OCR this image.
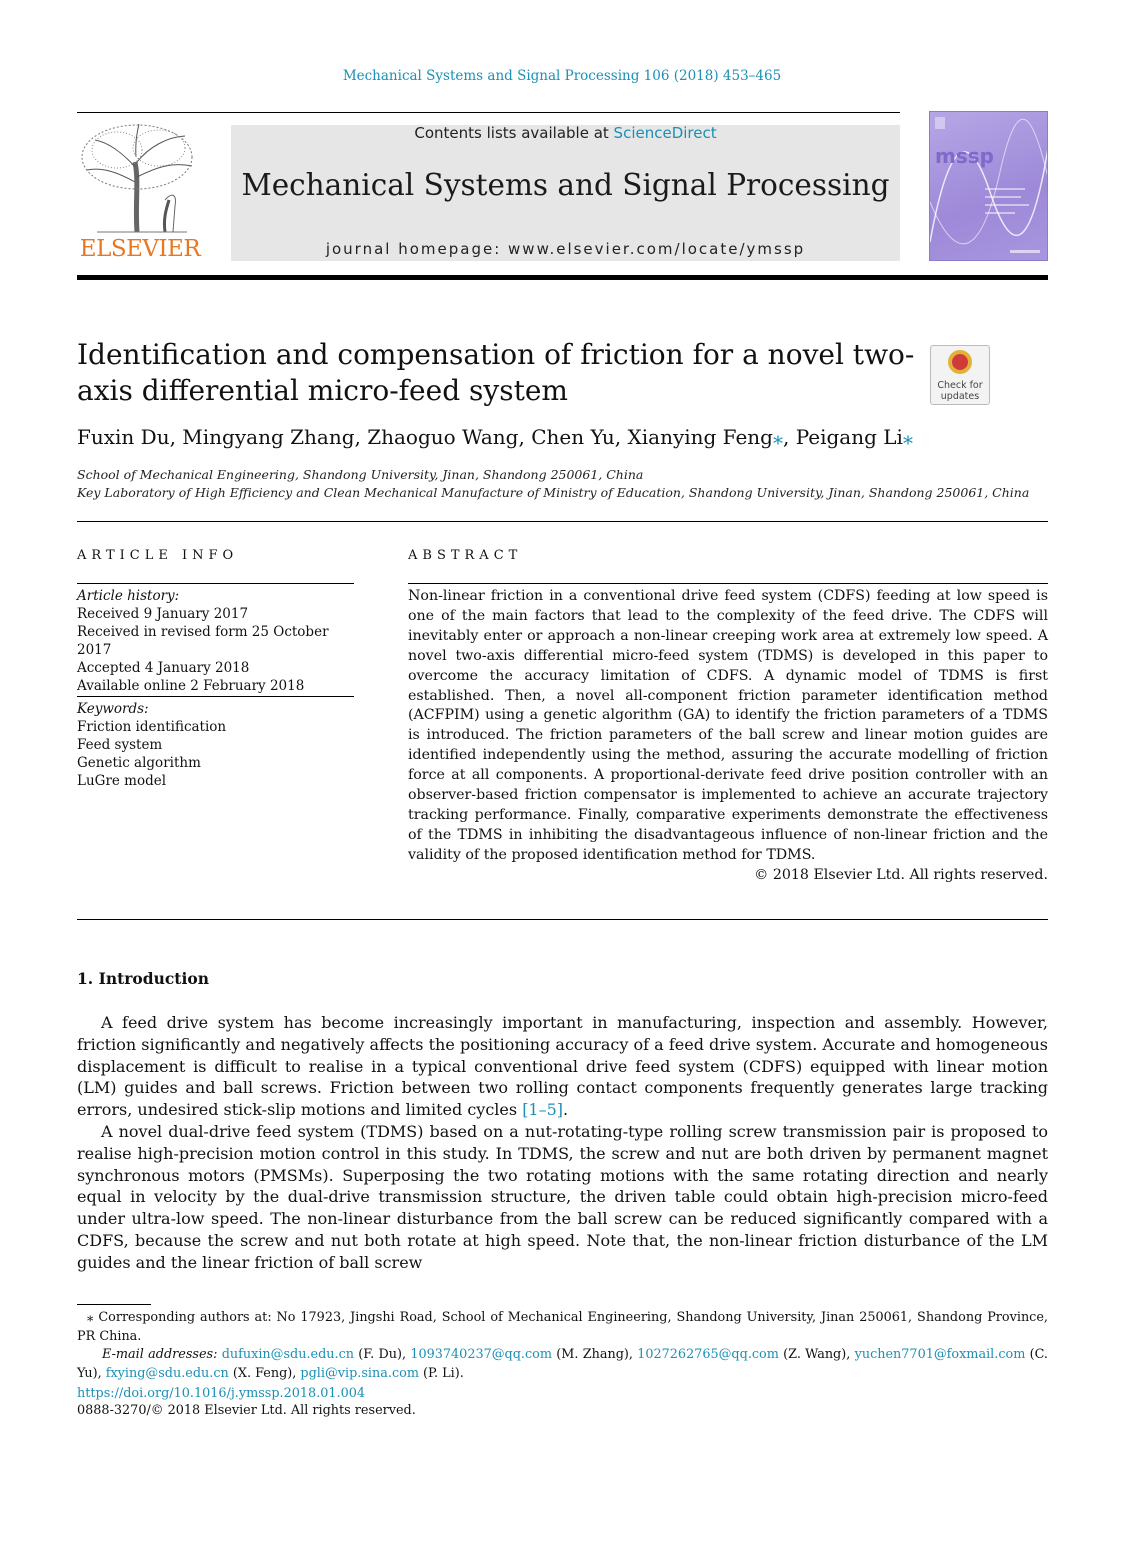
Mechanical Systems and Signal Processing 106 (2018) 453–465
ELSEVIER
Contents lists available at ScienceDirect
Mechanical Systems and Signal Processing
journal homepage: www.elsevier.com/locate/ymssp
mssp
Identification and compensation of friction for a novel two-axis differential micro-feed system	Check for
updates
Fuxin Du, Mingyang Zhang, Zhaoguo Wang, Chen Yu, Xianying Feng⁎, Peigang Li⁎
School of Mechanical Engineering, Shandong University, Jinan, Shandong 250061, China
Key Laboratory of High Efficiency and Clean Mechanical Manufacture of Ministry of Education, Shandong University, Jinan, Shandong 250061, China
ARTICLE INFO
Article history:
Received 9 January 2017
Received in revised form 25 October 2017
Accepted 4 January 2018
Available online 2 February 2018
Keywords:
Friction identification
Feed system
Genetic algorithm
LuGre model
ABSTRACT
Non-linear friction in a conventional drive feed system (CDFS) feeding at low speed is one of the main factors that lead to the complexity of the feed drive. The CDFS will inevitably enter or approach a non-linear creeping work area at extremely low speed. A novel two-axis differential micro-feed system (TDMS) is developed in this paper to overcome the accuracy limitation of CDFS. A dynamic model of TDMS is first established. Then, a novel all-component friction parameter identification method (ACFPIM) using a genetic algorithm (GA) to identify the friction parameters of a TDMS is introduced. The friction parameters of the ball screw and linear motion guides are identified independently using the method, assuring the accurate modelling of friction force at all components. A proportional-derivate feed drive position controller with an observer-based friction compensator is implemented to achieve an accurate trajectory tracking performance. Finally, comparative experiments demonstrate the effectiveness of the TDMS in inhibiting the disadvantageous influence of non-linear friction and the validity of the proposed identification method for TDMS.
© 2018 Elsevier Ltd. All rights reserved.
1. Introduction

A feed drive system has become increasingly important in manufacturing, inspection and assembly. However, friction significantly and negatively affects the positioning accuracy of a feed drive system. Accurate and homogeneous displacement is difficult to realise in a typical conventional drive feed system (CDFS) equipped with linear motion (LM) guides and ball screws. Friction between two rolling contact components frequently generates large tracking errors, undesired stick-slip motions and limited cycles [1–5].

A novel dual-drive feed system (TDMS) based on a nut-rotating-type rolling screw transmission pair is proposed to realise high-precision motion control in this study. In TDMS, the screw and nut are both driven by permanent magnet synchronous motors (PMSMs). Superposing the two rotating motions with the same rotating direction and nearly equal in velocity by the dual-drive transmission structure, the driven table could obtain high-precision micro-feed under ultra-low speed. The non-linear disturbance from the ball screw can be reduced significantly compared with a CDFS, because the screw and nut both rotate at high speed. Note that, the non-linear friction disturbance of the LM guides and the linear friction of ball screw

⁎ Corresponding authors at: No 17923, Jingshi Road, School of Mechanical Engineering, Shandong University, Jinan 250061, Shandong Province, PR China.
E-mail addresses: dufuxin@sdu.edu.cn (F. Du), 1093740237@qq.com (M. Zhang), 1027262765@qq.com (Z. Wang), yuchen7701@foxmail.com (C. Yu), fxying@sdu.edu.cn (X. Feng), pgli@vip.sina.com (P. Li).
https://doi.org/10.1016/j.ymssp.2018.01.004
0888-3270/© 2018 Elsevier Ltd. All rights reserved.
